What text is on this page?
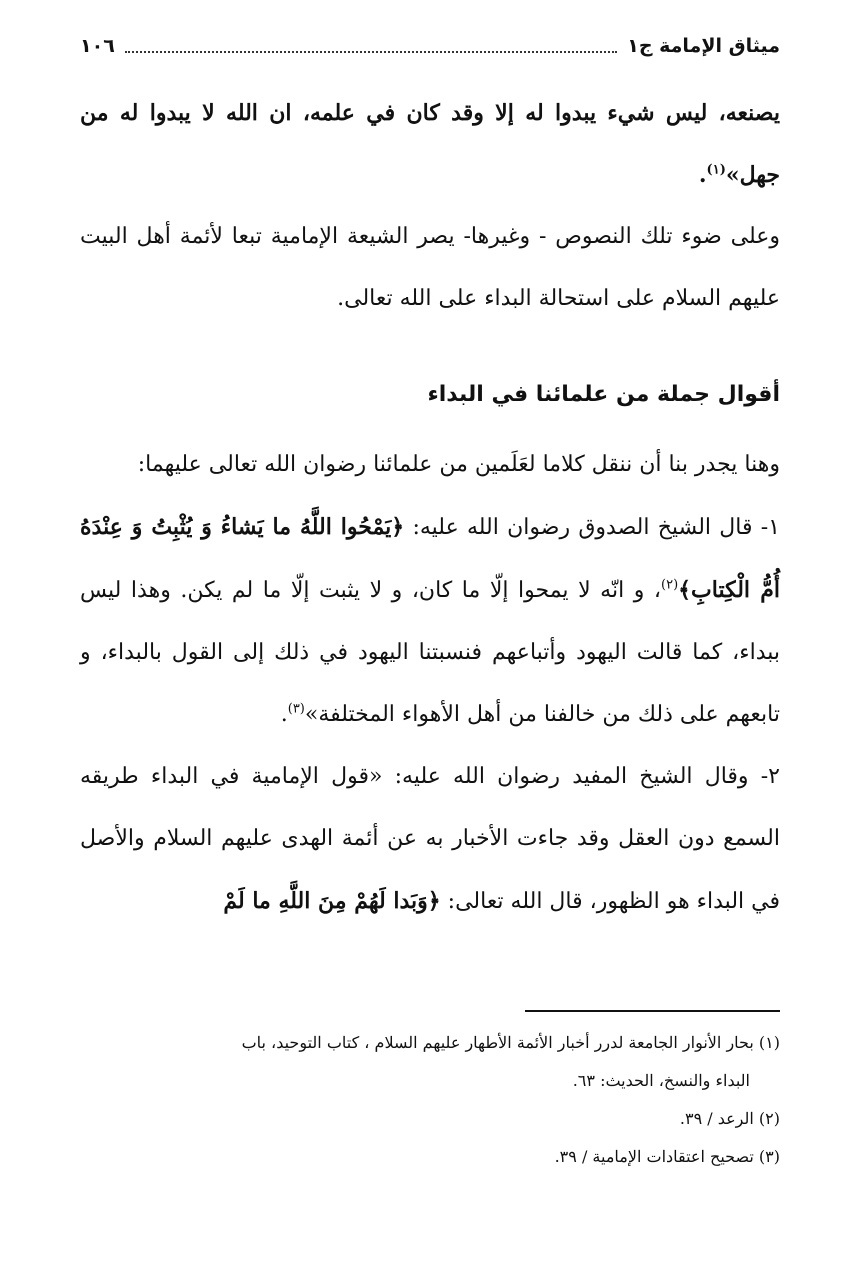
ميثاق الإمامة ج١
١٠٦

يصنعه، ليس شيء يبدوا له إلا وقد كان في علمه، ان الله لا يبدوا له من جهل»$^{(١)}$.

وعلى ضوء تلك النصوص - وغيرها- يصر الشيعة الإمامية تبعا لأئمة أهل البيت عليهم السلام على استحالة البداء على الله تعالى.

أقوال جملة من علمائنا في البداء

وهنا يجدر بنا أن ننقل كلاما لعَلَمين من علمائنا رضوان الله تعالى عليهما:

١- قال الشيخ الصدوق رضوان الله عليه: ﴿يَمْحُوا اللَّهُ ما يَشاءُ وَ يُثْبِتُ وَ عِنْدَهُ أُمُّ الْكِتابِ﴾$^{(٢)}$، و انّه لا يمحوا إلّا ما كان، و لا يثبت إلّا ما لم يكن. وهذا ليس ببداء، كما قالت اليهود وأتباعهم فنسبتنا اليهود في ذلك إلى القول بالبداء، و تابعهم على ذلك من خالفنا من أهل الأهواء المختلفة»$^{(٣)}$.

٢- وقال الشيخ المفيد رضوان الله عليه: «قول الإمامية في البداء طريقه السمع دون العقل وقد جاءت الأخبار به عن أئمة الهدى عليهم السلام والأصل في البداء هو الظهور، قال الله تعالى: ﴿وَبَدا لَهُمْ مِنَ اللَّهِ ما لَمْ

(١) بحار الأنوار الجامعة لدرر أخبار الأئمة الأطهار عليهم السلام ، كتاب التوحيد، باب

البداء والنسخ، الحديث: ٦٣.

(٢) الرعد / ٣٩.

(٣) تصحيح اعتقادات الإمامية / ٣٩.
